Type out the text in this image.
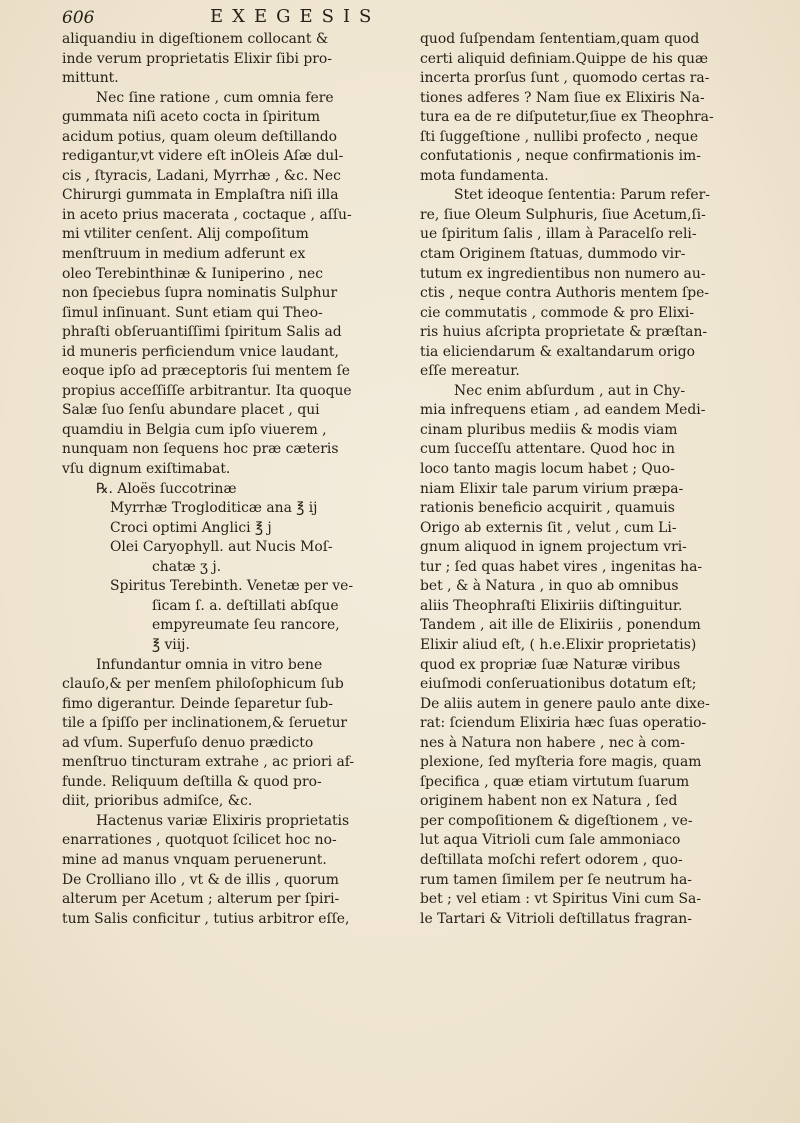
606	EXEGESIS
aliquandiu in digeſtionem collocant &
inde verum proprietatis Elixir ſibi pro-
mittunt.
Nec ſine ratione , cum omnia fere
gummata niſi aceto cocta in ſpiritum
acidum potius, quam oleum deſtillando
redigantur,vt videre eſt inOleis Aſæ dul-
cis , ſtyracis, Ladani, Myrrhæ , &c. Nec
Chirurgi gummata in Emplaſtra niſi illa
in aceto prius macerata , coctaque , aſſu-
mi vtiliter cenſent. Alij compoſitum
menſtruum in medium adferunt ex
oleo Terebinthinæ & Iuniperino , nec
non ſpeciebus ſupra nominatis Sulphur
ſimul inſinuant. Sunt etiam qui Theo-
phraſti obſeruantiſſimi ſpiritum Salis ad
id muneris perficiendum vnice laudant,
eoque ipſo ad præceptoris ſui mentem ſe
propius acceſſiſſe arbitrantur. Ita quoque
Salæ ſuo ſenſu abundare placet , qui
quamdiu in Belgia cum ipſo viuerem ,
nunquam non ſequens hoc præ cæteris
vſu dignum exiſtimabat.
℞. Aloës ſuccotrinæ
Myrrhæ Trogloditicæ ana ℥ ij
Croci optimi Anglici ℥ j
Olei Caryophyll. aut Nucis Moſ-
chatæ ʒ j.
Spiritus Terebinth. Venetæ per ve-
ſicam ſ. a. deſtillati abſque
empyreumate ſeu rancore,
℥ viij.
Infundantur omnia in vitro bene
clauſo,& per menſem philoſophicum ſub
fimo digerantur. Deinde ſeparetur ſub-
tile a ſpiſſo per inclinationem,& ſeruetur
ad vſum. Superfuſo denuo prædicto
menſtruo tincturam extrahe , ac priori af-
funde. Reliquum deſtilla & quod pro-
diit, prioribus admiſce, &c.
Hactenus variæ Elixiris proprietatis
enarrationes , quotquot ſcilicet hoc no-
mine ad manus vnquam peruenerunt.
De Crolliano illo , vt & de illis , quorum
alterum per Acetum ; alterum per ſpiri-
tum Salis conficitur , tutius arbitror eſſe,
quod ſuſpendam ſententiam,quam quod
certi aliquid definiam.Quippe de his quæ
incerta prorſus ſunt , quomodo certas ra-
tiones adferes ? Nam ſiue ex Elixiris Na-
tura ea de re diſputetur,ſiue ex Theophra-
ſti ſuggeſtione , nullibi profecto , neque
confutationis , neque confirmationis im-
mota fundamenta.
Stet ideoque ſententia: Parum refer-
re, ſiue Oleum Sulphuris, ſiue Acetum,ſi-
ue ſpiritum ſalis , illam à Paracelſo reli-
ctam Originem ſtatuas, dummodo vir-
tutum ex ingredientibus non numero au-
ctis , neque contra Authoris mentem ſpe-
cie commutatis , commode & pro Elixi-
ris huius aſcripta proprietate & præſtan-
tia eliciendarum & exaltandarum origo
eſſe mereatur.
Nec enim abſurdum , aut in Chy-
mia infrequens etiam , ad eandem Medi-
cinam pluribus mediis & modis viam
cum ſucceſſu attentare. Quod hoc in
loco tanto magis locum habet ; Quo-
niam Elixir tale parum virium præpa-
rationis beneficio acquirit , quamuis
Origo ab externis ſit , velut , cum Li-
gnum aliquod in ignem projectum vri-
tur ; ſed quas habet vires , ingenitas ha-
bet , & à Natura , in quo ab omnibus
aliis Theophraſti Elixiriis diſtinguitur.
Tandem , ait ille de Elixiriis , ponendum
Elixir aliud eſt, ( h.e.Elixir proprietatis)
quod ex propriæ ſuæ Naturæ viribus
eiuſmodi conſeruationibus dotatum eſt;
De aliis autem in genere paulo ante dixe-
rat: ſciendum Elixiria hæc ſuas operatio-
nes à Natura non habere , nec à com-
plexione, ſed myſteria fore magis, quam
ſpecifica , quæ etiam virtutum ſuarum
originem habent non ex Natura , ſed
per compoſitionem & digeſtionem , ve-
lut aqua Vitrioli cum ſale ammoniaco
deſtillata moſchi refert odorem , quo-
rum tamen ſimilem per ſe neutrum ha-
bet ; vel etiam : vt Spiritus Vini cum Sa-
le Tartari & Vitrioli deſtillatus fragran-
